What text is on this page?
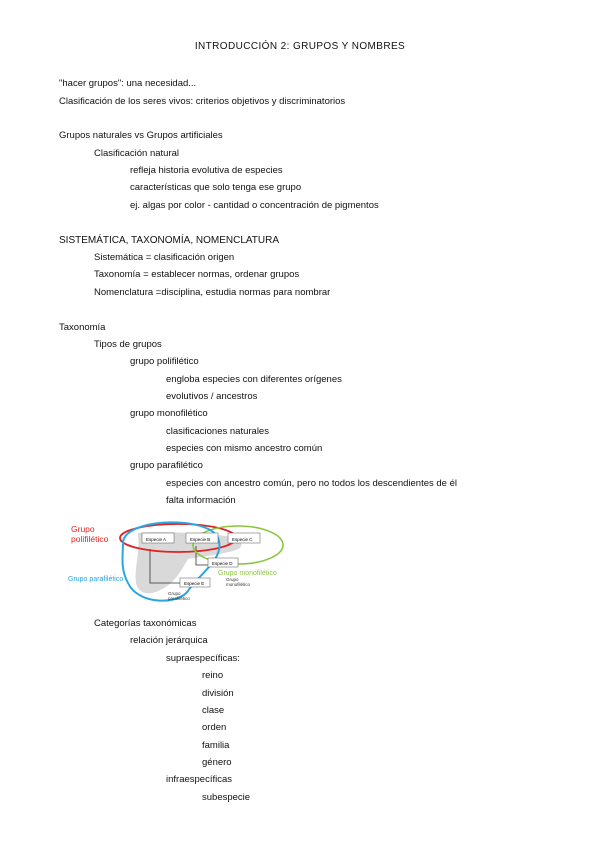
INTRODUCCIÓN 2: GRUPOS Y NOMBRES
"hacer grupos": una necesidad...
Clasificación de los seres vivos: criterios objetivos y discriminatorios
Grupos naturales vs Grupos artificiales
Clasificación natural
refleja historia evolutiva de especies
características que solo tenga ese grupo
ej. algas por color - cantidad o concentración de pigmentos
SISTEMÁTICA, TAXONOMÍA, NOMENCLATURA
Sistemática = clasificación origen
Taxonomía = establecer normas, ordenar grupos
Nomenclatura =disciplina, estudia normas para nombrar
Taxonomía
Tipos de grupos
grupo polifilético
engloba especies con diferentes orígenes
evolutivos / ancestros
grupo monofilético
clasificaciones naturales
especies con mismo ancestro común
grupo parafilético
especies con ancestro común, pero no todos los descendientes de él
falta información
Especie A	Especie B	Especie C
Especie D
Especie E
Grupo
monofilético
Grupo
parafilético
Grupo
polifilético
Grupo parafilético
Grupo monofilético
Categorías taxonómicas
relación jerárquica
supraespecíficas:
reino
división
clase
orden
familia
género
infraespecíficas
subespecie
